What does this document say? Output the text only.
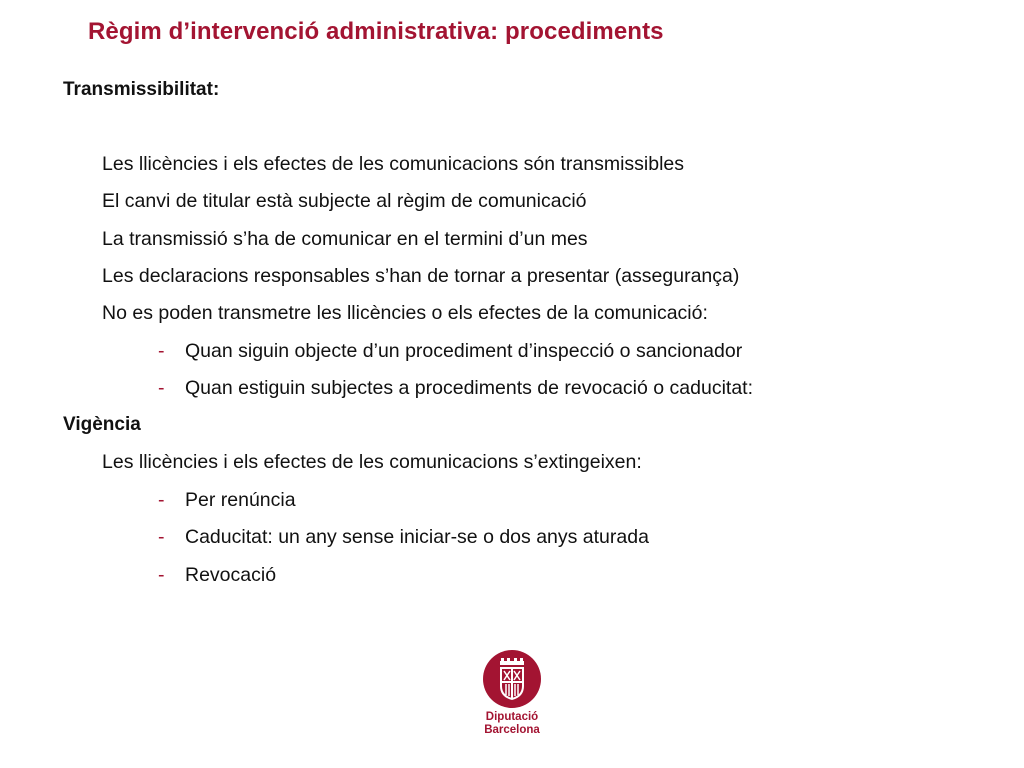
Règim d’intervenció administrativa: procediments
Transmissibilitat:
Les llicències i els efectes de les comunicacions són transmissibles
El canvi de titular està subjecte al règim de comunicació
La transmissió s’ha de comunicar en el termini d’un mes
Les declaracions responsables s’han de tornar a presentar (assegurança)
No es poden transmetre les llicències o els efectes de la comunicació:
- Quan siguin objecte d’un procediment d’inspecció o sancionador
- Quan estiguin subjectes a procediments de revocació o caducitat:
Vigència
Les llicències i els efectes de les comunicacions s’extingeixen:
- Per renúncia
- Caducitat: un any sense iniciar-se o dos anys aturada
- Revocació
Diputació
Barcelona
